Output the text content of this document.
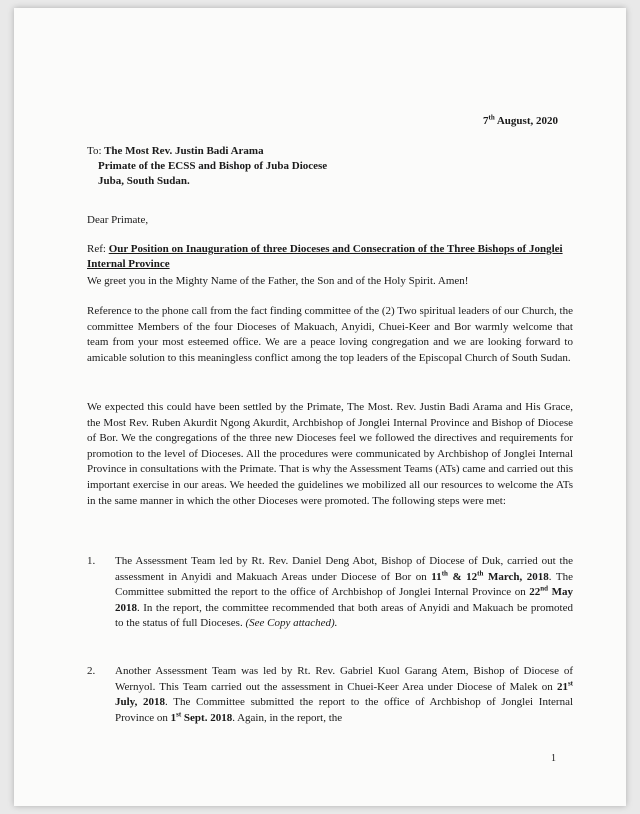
7th August, 2020
To: The Most Rev. Justin Badi Arama
Primate of the ECSS and Bishop of Juba Diocese
Juba, South Sudan.
Dear Primate,
Ref: Our Position on Inauguration of three Dioceses and Consecration of the Three Bishops of Jonglei Internal Province

We greet you in the Mighty Name of the Father, the Son and of the Holy Spirit. Amen!

Reference to the phone call from the fact finding committee of the (2) Two spiritual leaders of our Church, the committee Members of the four Dioceses of Makuach, Anyidi, Chuei-Keer and Bor warmly welcome that team from your most esteemed office. We are a peace loving congregation and we are looking forward to amicable solution to this meaningless conflict among the top leaders of the Episcopal Church of South Sudan.

We expected this could have been settled by the Primate, The Most. Rev. Justin Badi Arama and His Grace, the Most Rev. Ruben Akurdit Ngong Akurdit, Archbishop of Jonglei Internal Province and Bishop of Diocese of Bor. We the congregations of the three new Dioceses feel we followed the directives and requirements for promotion to the level of Dioceses. All the procedures were communicated by Archbishop of Jonglei Internal Province in consultations with the Primate. That is why the Assessment Teams (ATs) came and carried out this important exercise in our areas. We heeded the guidelines we mobilized all our resources to welcome the ATs in the same manner in which the other Dioceses were promoted. The following steps were met:

1. The Assessment Team led by Rt. Rev. Daniel Deng Abot, Bishop of Diocese of Duk, carried out the assessment in Anyidi and Makuach Areas under Diocese of Bor on 11th & 12th March, 2018. The Committee submitted the report to the office of Archbishop of Jonglei Internal Province on 22nd May 2018. In the report, the committee recommended that both areas of Anyidi and Makuach be promoted to the status of full Dioceses. (See Copy attached).
2. Another Assessment Team was led by Rt. Rev. Gabriel Kuol Garang Atem, Bishop of Diocese of Wernyol. This Team carried out the assessment in Chuei-Keer Area under Diocese of Malek on 21st July, 2018. The Committee submitted the report to the office of Archbishop of Jonglei Internal Province on 1st Sept. 2018. Again, in the report, the
1
